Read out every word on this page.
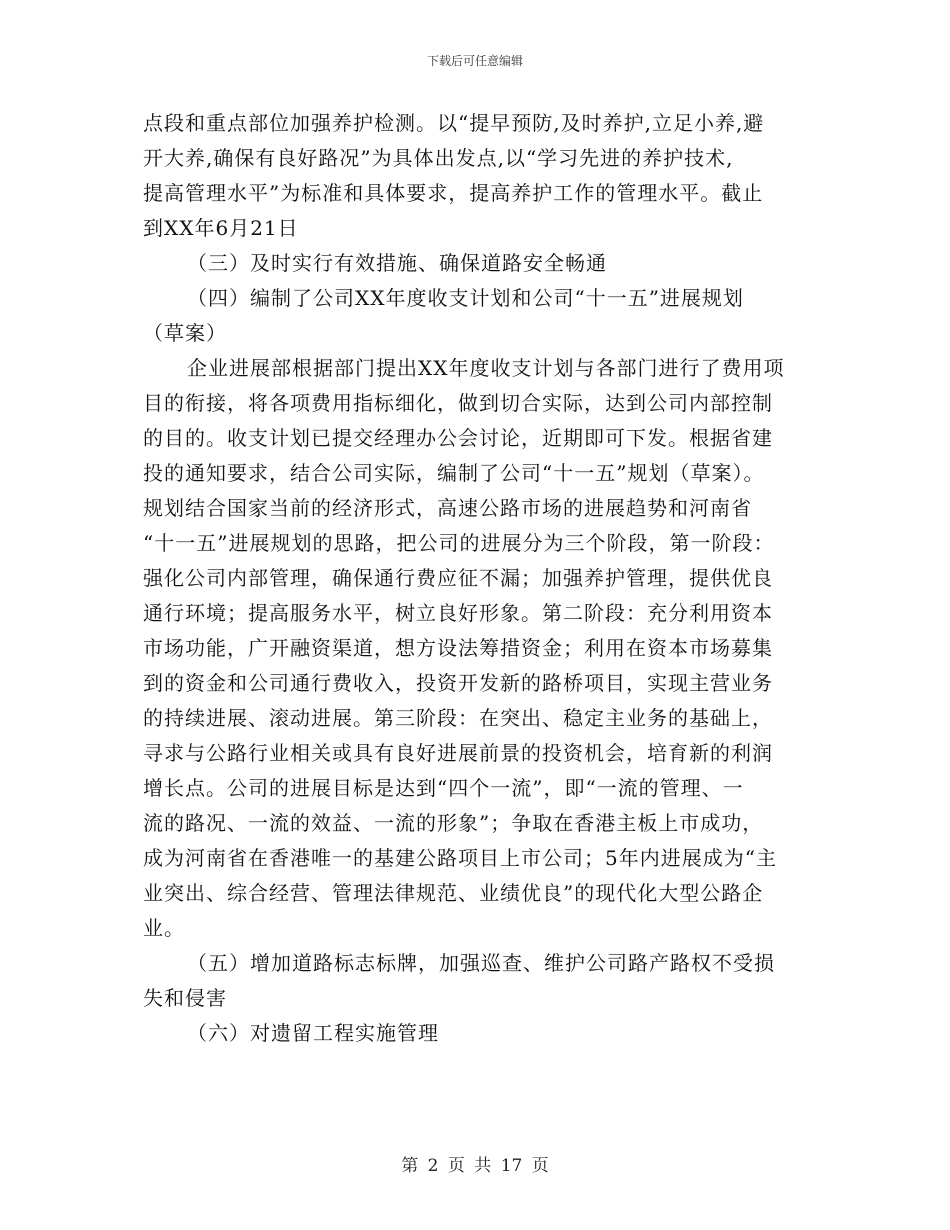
下载后可任意编辑
点段和重点部位加强养护检测。以“提早预防,及时养护,立足小养,避
开大养,确保有良好路况”为具体出发点,以“学习先进的养护技术,
提高管理水平”为标准和具体要求，提高养护工作的管理水平。截止
到XX年6月21日
（三）及时实行有效措施、确保道路安全畅通
（四）编制了公司XX年度收支计划和公司“十一五”进展规划
（草案）
企业进展部根据部门提出XX年度收支计划与各部门进行了费用项
目的衔接，将各项费用指标细化，做到切合实际，达到公司内部控制
的目的。收支计划已提交经理办公会讨论，近期即可下发。根据省建
投的通知要求，结合公司实际，编制了公司“十一五”规划（草案）。
规划结合国家当前的经济形式，高速公路市场的进展趋势和河南省
“十一五”进展规划的思路，把公司的进展分为三个阶段，第一阶段：
强化公司内部管理，确保通行费应征不漏；加强养护管理，提供优良
通行环境；提高服务水平，树立良好形象。第二阶段：充分利用资本
市场功能，广开融资渠道，想方设法筹措资金；利用在资本市场募集
到的资金和公司通行费收入，投资开发新的路桥项目，实现主营业务
的持续进展、滚动进展。第三阶段：在突出、稳定主业务的基础上，
寻求与公路行业相关或具有良好进展前景的投资机会，培育新的利润
增长点。公司的进展目标是达到“四个一流”，即“一流的管理、一
流的路况、一流的效益、一流的形象”；争取在香港主板上市成功，
成为河南省在香港唯一的基建公路项目上市公司；5年内进展成为“主
业突出、综合经营、管理法律规范、业绩优良”的现代化大型公路企
业。
（五）增加道路标志标牌，加强巡查、维护公司路产路权不受损
失和侵害
（六）对遗留工程实施管理
第 2 页 共 17 页
